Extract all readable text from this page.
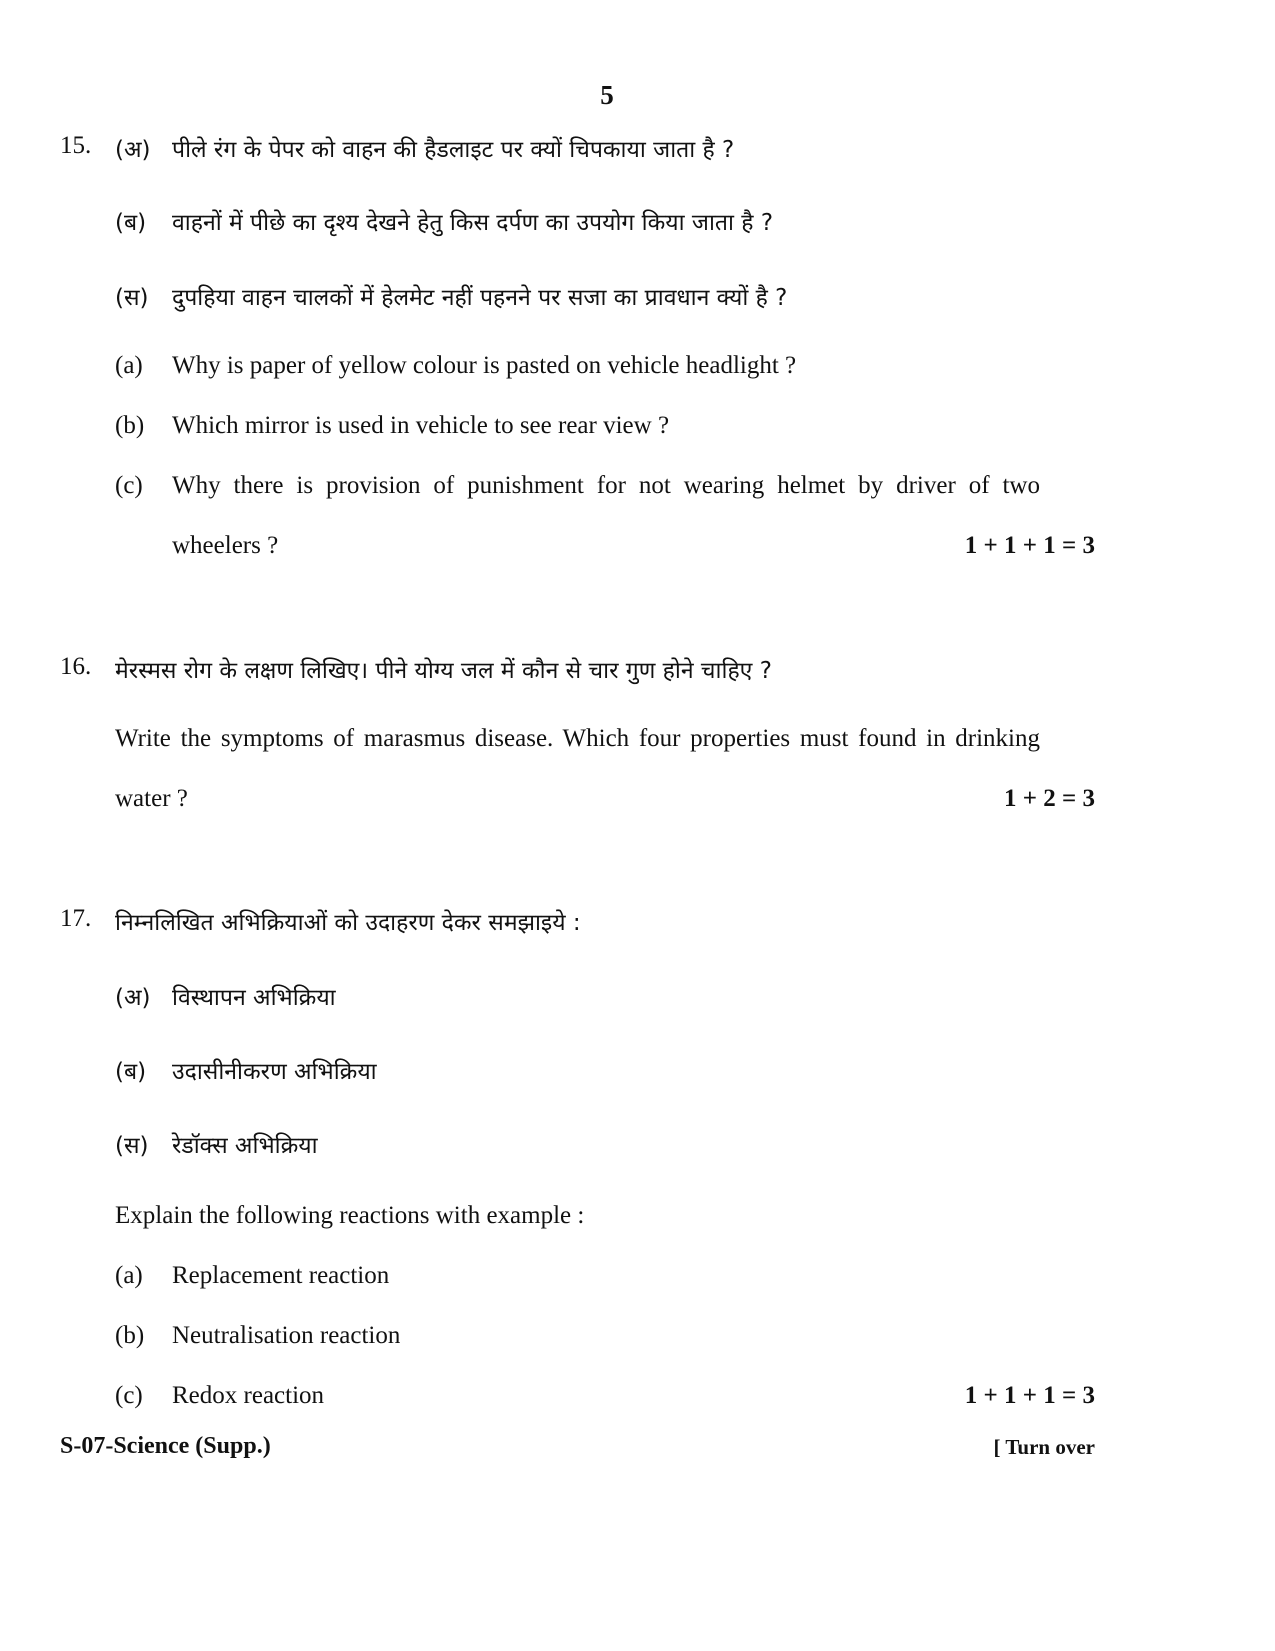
5
15. (अ) पीले रंग के पेपर को वाहन की हैडलाइट पर क्यों चिपकाया जाता है ?
(ब) वाहनों में पीछे का दृश्य देखने हेतु किस दर्पण का उपयोग किया जाता है ?
(स) दुपहिया वाहन चालकों में हेलमेट नहीं पहनने पर सजा का प्रावधान क्यों है ?
(a) Why is paper of yellow colour is pasted on vehicle headlight ?
(b) Which mirror is used in vehicle to see rear view ?
(c) Why there is provision of punishment for not wearing helmet by driver of two
wheelers ?	1 + 1 + 1 = 3
16. मेरस्मस रोग के लक्षण लिखिए। पीने योग्य जल में कौन से चार गुण होने चाहिए ?
Write the symptoms of marasmus disease. Which four properties must found in drinking
water ?	1 + 2 = 3
17. निम्नलिखित अभिक्रियाओं को उदाहरण देकर समझाइये :
(अ) विस्थापन अभिक्रिया
(ब) उदासीनीकरण अभिक्रिया
(स) रेडॉक्स अभिक्रिया
Explain the following reactions with example :
(a) Replacement reaction
(b) Neutralisation reaction
(c) Redox reaction	1 + 1 + 1 = 3
S-07-Science (Supp.)	[ Turn over
